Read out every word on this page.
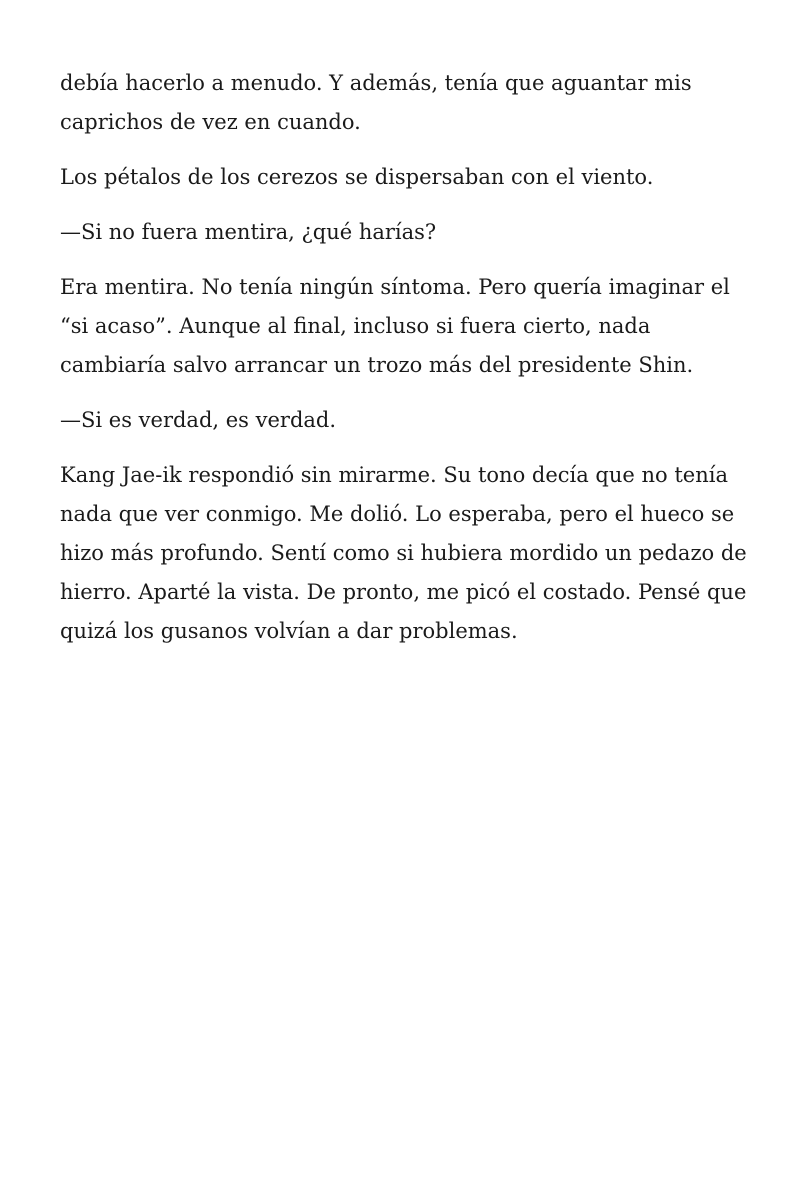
debía hacerlo a menudo. Y además, tenía que aguantar mis caprichos de vez en cuando.

Los pétalos de los cerezos se dispersaban con el viento.

—Si no fuera mentira, ¿qué harías?

Era mentira. No tenía ningún síntoma. Pero quería imaginar el “si acaso”. Aunque al final, incluso si fuera cierto, nada cambiaría salvo arrancar un trozo más del presidente Shin.

—Si es verdad, es verdad.

Kang Jae-ik respondió sin mirarme. Su tono decía que no tenía nada que ver conmigo. Me dolió. Lo esperaba, pero el hueco se hizo más profundo. Sentí como si hubiera mordido un pedazo de hierro. Aparté la vista. De pronto, me picó el costado. Pensé que quizá los gusanos volvían a dar problemas.
